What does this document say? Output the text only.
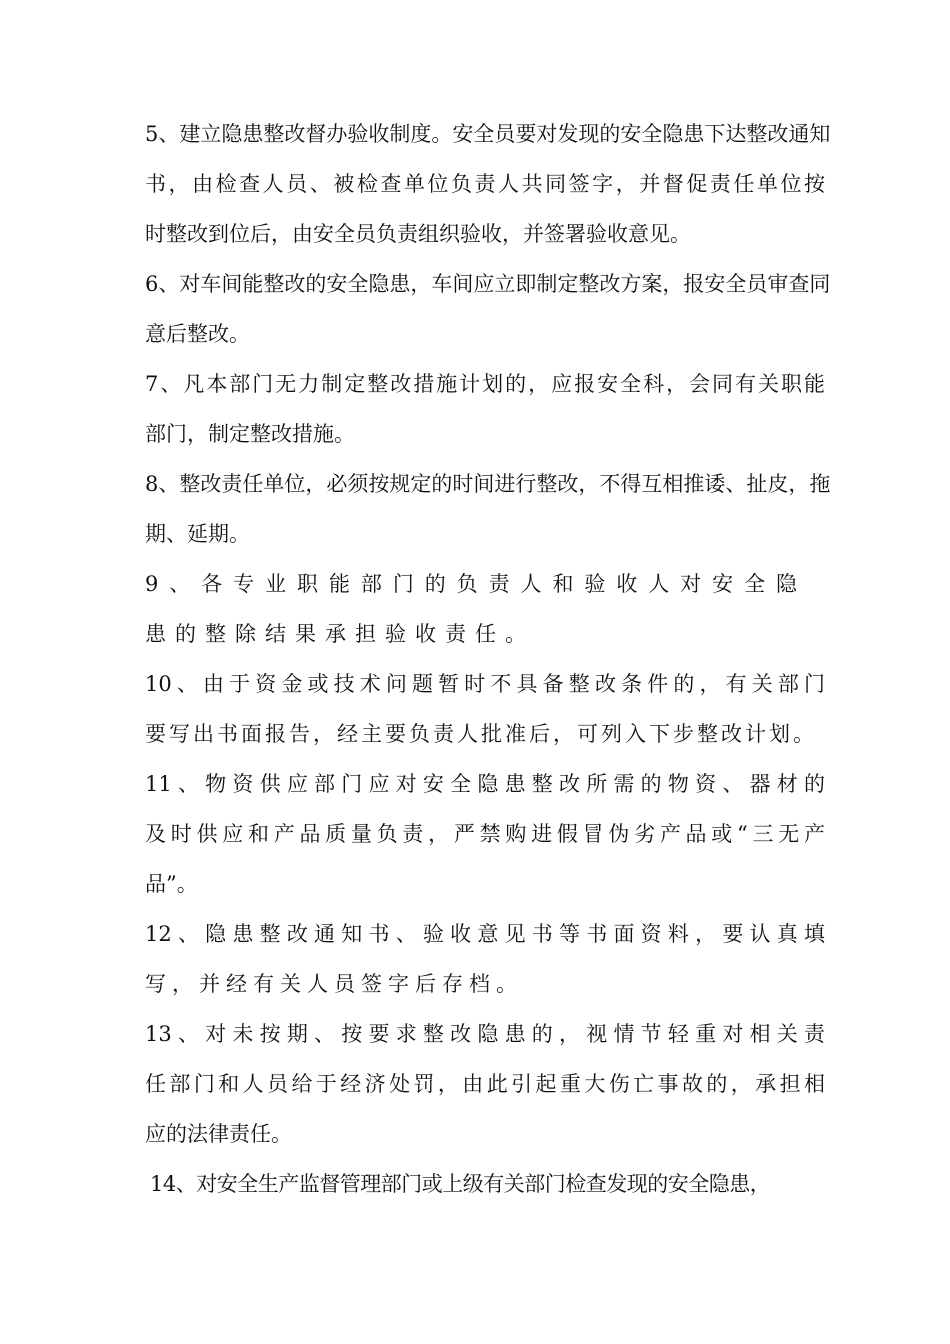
5、建立隐患整改督办验收制度。安全员要对发现的安全隐患下达整改通知
书，由检查人员、被检查单位负责人共同签字，并督促责任单位按
时整改到位后，由安全员负责组织验收，并签署验收意见。
6、对车间能整改的安全隐患，车间应立即制定整改方案，报安全员审查同
意后整改。
7、凡本部门无力制定整改措施计划的，应报安全科，会同有关职能
部门，制定整改措施。
8、整改责任单位，必须按规定的时间进行整改，不得互相推诿、扯皮，拖
期、延期。
9、各专业职能部门的负责人和验收人对安全隐
患的整除结果承担验收责任。
10、由于资金或技术问题暂时不具备整改条件的，有关部门
要写出书面报告，经主要负责人批准后，可列入下步整改计划。
11、物资供应部门应对安全隐患整改所需的物资、器材的
及时供应和产品质量负责，严禁购进假冒伪劣产品或“三无产
品”。
12、隐患整改通知书、验收意见书等书面资料，要认真填
写，并经有关人员签字后存档。
13、对未按期、按要求整改隐患的，视情节轻重对相关责
任部门和人员给于经济处罚，由此引起重大伤亡事故的，承担相
应的法律责任。
14、对安全生产监督管理部门或上级有关部门检查发现的安全隐患，
